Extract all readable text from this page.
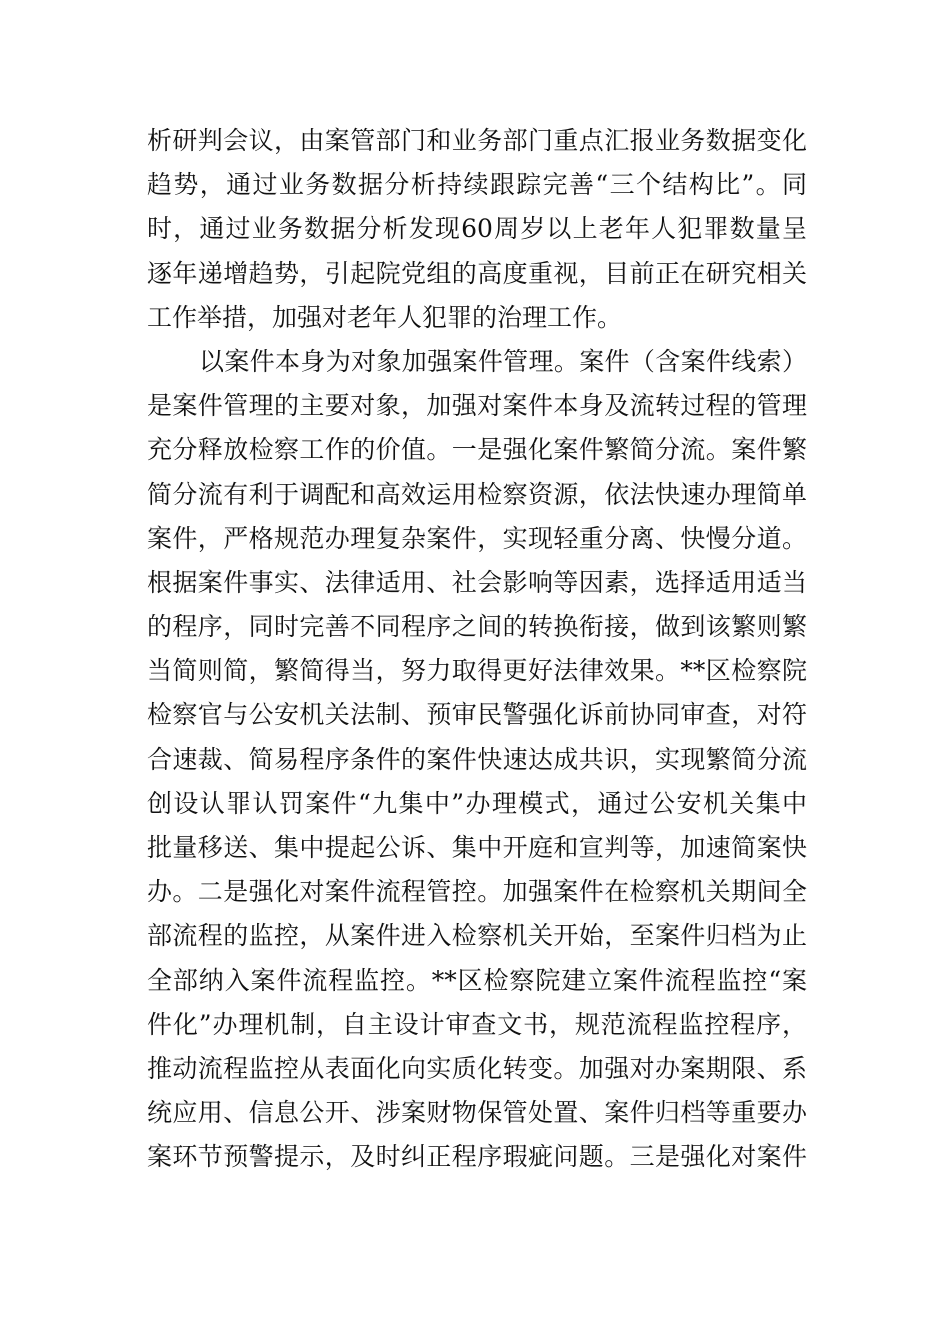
析研判会议，由案管部门和业务部门重点汇报业务数据变化
趋势，通过业务数据分析持续跟踪完善“三个结构比”。同
时，通过业务数据分析发现60周岁以上老年人犯罪数量呈
逐年递增趋势，引起院党组的高度重视，目前正在研究相关
工作举措，加强对老年人犯罪的治理工作。
以案件本身为对象加强案件管理。案件（含案件线索）
是案件管理的主要对象，加强对案件本身及流转过程的管理
充分释放检察工作的价值。一是强化案件繁简分流。案件繁
简分流有利于调配和高效运用检察资源，依法快速办理简单
案件，严格规范办理复杂案件，实现轻重分离、快慢分道。
根据案件事实、法律适用、社会影响等因素，选择适用适当
的程序，同时完善不同程序之间的转换衔接，做到该繁则繁
当简则简，繁简得当，努力取得更好法律效果。**区检察院
检察官与公安机关法制、预审民警强化诉前协同审查，对符
合速裁、简易程序条件的案件快速达成共识，实现繁简分流
创设认罪认罚案件“九集中”办理模式，通过公安机关集中
批量移送、集中提起公诉、集中开庭和宣判等，加速简案快
办。二是强化对案件流程管控。加强案件在检察机关期间全
部流程的监控，从案件进入检察机关开始，至案件归档为止
全部纳入案件流程监控。**区检察院建立案件流程监控“案
件化”办理机制，自主设计审查文书，规范流程监控程序，
推动流程监控从表面化向实质化转变。加强对办案期限、系
统应用、信息公开、涉案财物保管处置、案件归档等重要办
案环节预警提示，及时纠正程序瑕疵问题。三是强化对案件
